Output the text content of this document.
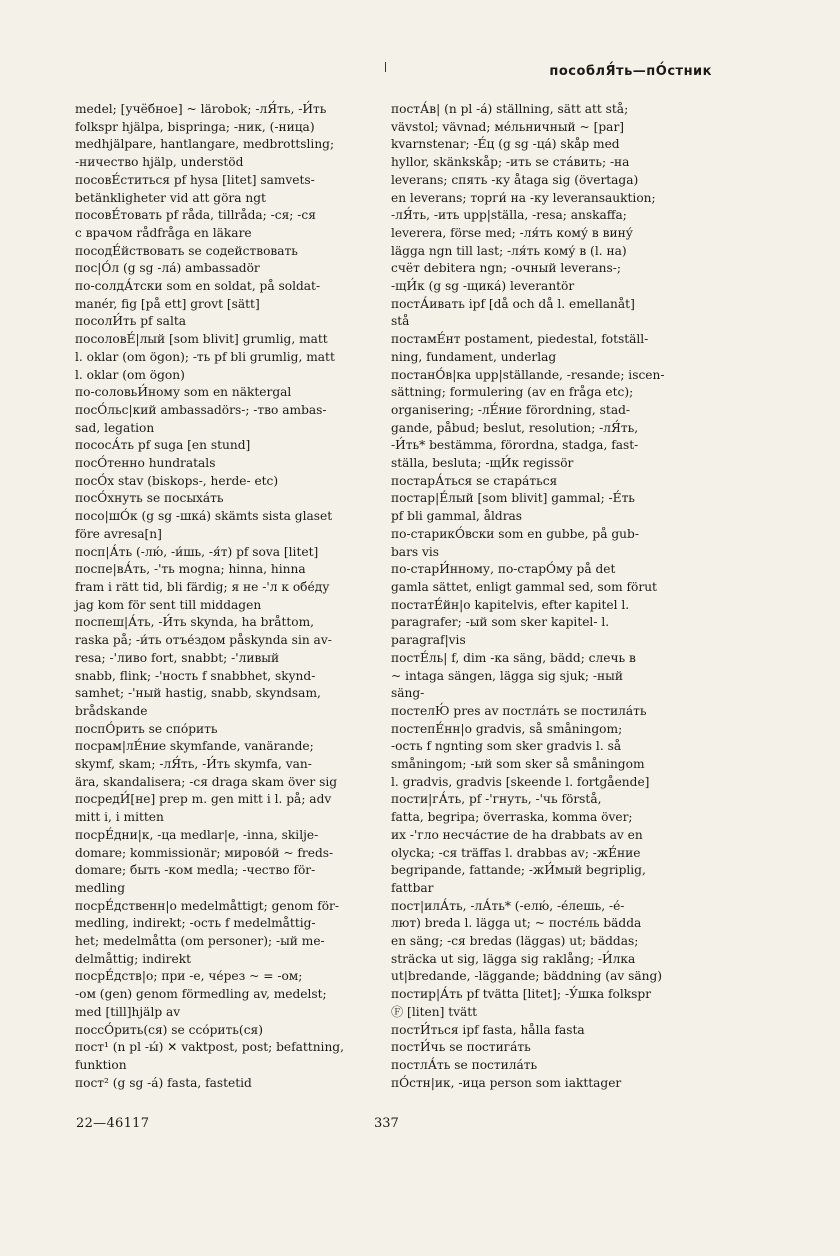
пособлЯ́ть—пО́стник
medel; [учёбное] ~ lärobok; -лЯ́ть, -И́ть
folkspr hjälpa, bispringa; -ник, (-ница)
medhjälpare, hantlangare, medbrottsling;
-ничество hjälp, understöd
посовЕ́ститься pf hysa [litet] samvets-
betänkligheter vid att göra ngt
посовЕ́товать pf råda, tillråda; -ся; -ся
с врачом rådfråga en läkare
посодЕ́йствовать se содействовать
пос|О́л (g sg -лá) ambassadör
по-солдА́тски som en soldat, på soldat-
manér, fig [på ett] grovt [sätt]
посолИ́ть pf salta
посоловЕ́|лый [som blivit] grumlig, matt
l. oklar (om ögon); -ть pf bli grumlig, matt
l. oklar (om ögon)
по-соловьИ́ному som en näktergal
посО́льс|кий ambassadörs-; -тво ambas-
sad, legation
пососА́ть pf suga [en stund]
посО́тенно hundratals
посО́х stav (biskops-, herde- etc)
посО́хнуть se посыхáть
посо|шО́к (g sg -шкá) skämts sista glaset
före avresa[n]
посп|А́ть (-лю́, -и́шь, -я́т) pf sova [litet]
поспе|вА́ть, -'ть mogna; hinna, hinna
fram i rätt tid, bli färdig; я не -'л к обе́ду
jag kom för sent till middagen
поспеш|А́ть, -И́ть skynda, ha bråttom,
raska på; -и́ть отъе́здом påskynda sin av-
resa; -'ливо fort, snabbt; -'ливый
snabb, flink; -'ность f snabbhet, skynd-
samhet; -'ный hastig, snabb, skyndsam,
brådskande
поспО́рить se спо́рить
посрам|лЕ́ние skymfande, vanärande;
skymf, skam; -лЯ́ть, -И́ть skymfa, van-
ära, skandalisera; -ся draga skam över sig
посредИ́[не] prep m. gen mitt i l. på; adv
mitt i, i mitten
посрЕ́дни|к, -ца medlar|e, -inna, skilje-
domare; kommissionär; мирово́й ~ freds-
domare; быть -ком medla; -чество för-
medling
посрЕ́дственн|о medelmåttigt; genom för-
medling, indirekt; -ость f medelmåttig-
het; medelmåtta (om personer); -ый me-
delmåttig; indirekt
посрЕ́дств|о; при -е, че́рез ~ = -ом;
-ом (gen) genom förmedling av, medelst;
med [till]hjälp av
поссО́рить(ся) se ссо́рить(ся)
пост¹ (n pl -ы́) ✕ vaktpost, post; befattning,
funktion
пост² (g sg -á) fasta, fastetid
постА́в| (n pl -á) ställning, sätt att stå;
vävstol; vävnad; ме́льничный ~ [par]
kvarnstenar; -Е́ц (g sg -цá) skåp med
hyllor, skänkskåp; -ить se стáвить; -на
leverans; спять -ку åtaga sig (övertaga)
en leverans; торги́ на -ку leveransauktion;
-лЯ́ть, -ить upp|ställa, -resa; anskaffa;
leverera, förse med; -ля́ть кому́ в вину́
lägga ngn till last; -ля́ть кому́ в (l. на)
счёт debitera ngn; -очный leverans-;
-щИ́к (g sg -щикá) leverantör
постА́ивать ipf [då och då l. emellanåt]
stå
постамЕ́нт postament, piedestal, fotställ-
ning, fundament, underlag
постанО́в|ка upp|ställande, -resande; iscen-
sättning; formulering (av en fråga etc);
organisering; -лЕ́ние förordning, stad-
gande, påbud; beslut, resolution; -лЯ́ть,
-И́ть* bestämma, förordna, stadga, fast-
ställa, besluta; -щИ́к regissör
постарА́ться se стара́ться
постар|Е́лый [som blivit] gammal; -Е́ть
pf bli gammal, åldras
по-старикО́вски som en gubbe, på gub-
bars vis
по-старИ́нному, по-старО́му på det
gamla sättet, enligt gammal sed, som förut
постатЕ́йн|о kapitelvis, efter kapitel l.
paragrafer; -ый som sker kapitel- l.
paragraf|vis
постЕ́ль| f, dim -ка säng, bädd; слечь в
~ intaga sängen, lägga sig sjuk; -ный
säng-
постелЮ́ pres av постлáть se постилáть
постепЕ́нн|о gradvis, så småningom;
-ость f ngnting som sker gradvis l. så
småningom; -ый som sker så småningom
l. gradvis, gradvis [skeende l. fortgående]
пости|гА́ть, pf -'гнуть, -'чь förstå,
fatta, begripa; överraska, komma över;
их -'гло несчáстие de ha drabbats av en
olycka; -ся träffas l. drabbas av; -жЕ́ние
begripande, fattande; -жИ́мый begriplig,
fattbar
пост|илА́ть, -лА́ть* (-елю́, -е́лешь, -е́-
лют) breda l. lägga ut; ~ посте́ль bädda
en säng; -ся bredas (läggas) ut; bäddas;
sträcka ut sig, lägga sig raklång; -И́лка
ut|bredande, -läggande; bäddning (av säng)
постир|А́ть pf tvätta [litet]; -У́шка folkspr
Ⓕ [liten] tvätt
постИ́ться ipf fasta, hålla fasta
постИ́чь se постигáть
постлА́ть se постилáть
пО́стн|ик, -ица person som iakttager
22—46117	337
